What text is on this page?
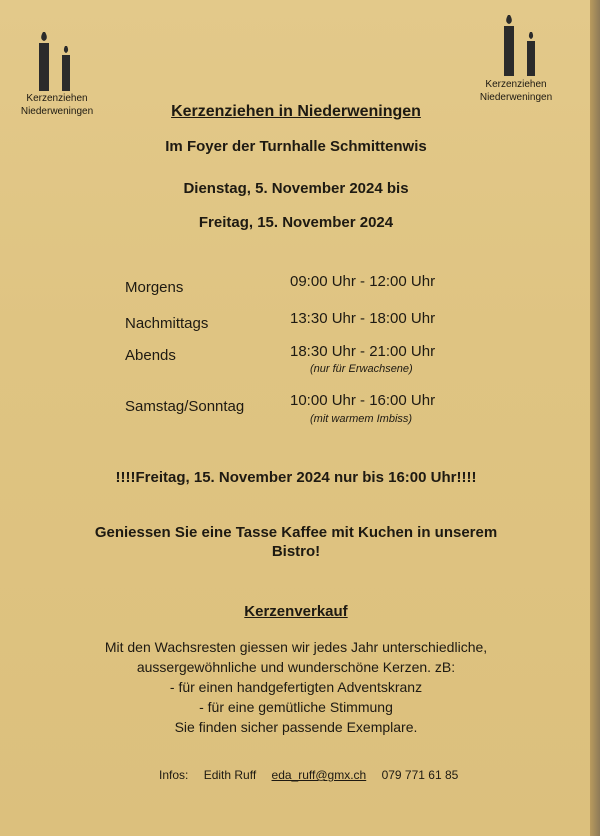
Kerzenziehen
Niederweningen
Kerzenziehen
Niederweningen
Kerzenziehen in Niederweningen
Im Foyer der Turnhalle Schmittenwis
Dienstag, 5. November 2024 bis
Freitag, 15. November 2024
Morgens	09:00 Uhr - 12:00 Uhr
Nachmittags	13:30 Uhr - 18:00 Uhr
Abends	18:30 Uhr - 21:00 Uhr
(nur für Erwachsene)
Samstag/Sonntag	10:00 Uhr - 16:00 Uhr
(mit warmem Imbiss)
!!!!Freitag, 15. November 2024 nur bis 16:00 Uhr!!!!
Geniessen Sie eine Tasse Kaffee mit Kuchen in unserem
Bistro!
Kerzenverkauf
Mit den Wachsresten giessen wir jedes Jahr unterschiedliche,
aussergewöhnliche und wunderschöne Kerzen. zB:
- für einen handgefertigten Adventskranz
- für eine gemütliche Stimmung
Sie finden sicher passende Exemplare.
Infos: Edith Ruff eda_ruff@gmx.ch 079 771 61 85
